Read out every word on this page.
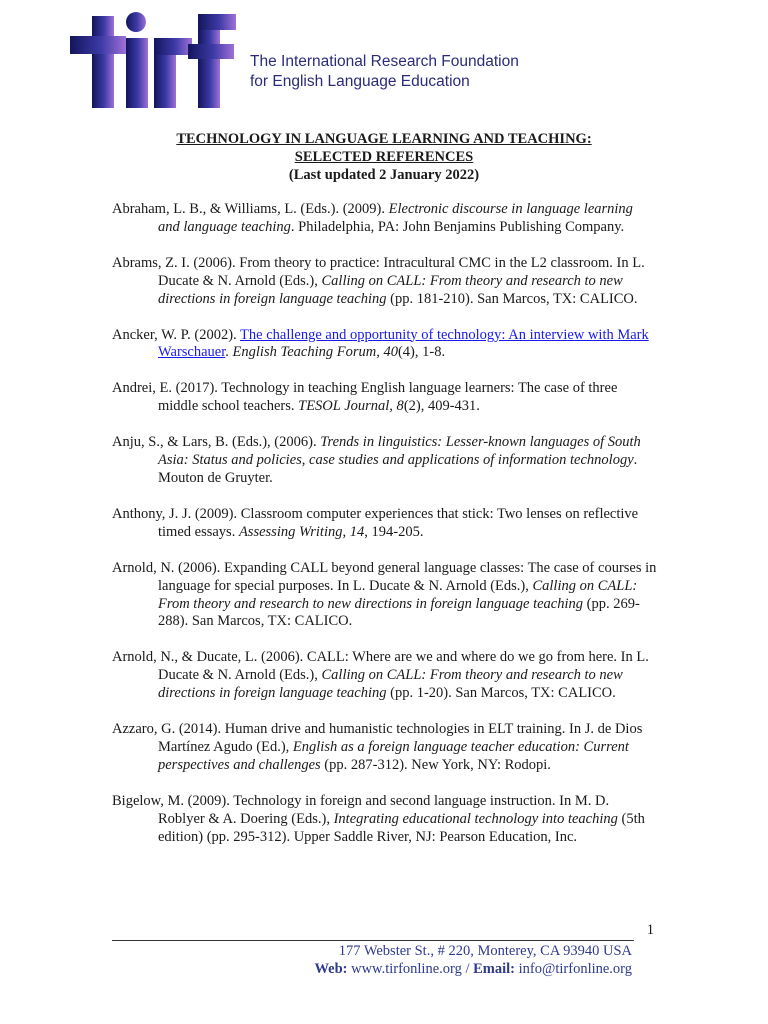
The International Research Foundation
for English Language Education
TECHNOLOGY IN LANGUAGE LEARNING AND TEACHING:
SELECTED REFERENCES
(Last updated 2 January 2022)

Abraham, L. B., & Williams, L. (Eds.). (2009). Electronic discourse in language learning and language teaching. Philadelphia, PA: John Benjamins Publishing Company.

Abrams, Z. I. (2006). From theory to practice: Intracultural CMC in the L2 classroom. In L. Ducate & N. Arnold (Eds.), Calling on CALL: From theory and research to new directions in foreign language teaching (pp. 181-210). San Marcos, TX: CALICO.

Ancker, W. P. (2002). The challenge and opportunity of technology: An interview with Mark Warschauer. English Teaching Forum, 40(4), 1-8.

Andrei, E. (2017). Technology in teaching English language learners: The case of three middle school teachers. TESOL Journal, 8(2), 409-431.

Anju, S., & Lars, B. (Eds.), (2006). Trends in linguistics: Lesser-known languages of South Asia: Status and policies, case studies and applications of information technology. Mouton de Gruyter.

Anthony, J. J. (2009). Classroom computer experiences that stick: Two lenses on reflective timed essays. Assessing Writing, 14, 194-205.

Arnold, N. (2006). Expanding CALL beyond general language classes: The case of courses in language for special purposes. In L. Ducate & N. Arnold (Eds.), Calling on CALL: From theory and research to new directions in foreign language teaching (pp. 269-288). San Marcos, TX: CALICO.

Arnold, N., & Ducate, L. (2006). CALL: Where are we and where do we go from here. In L. Ducate & N. Arnold (Eds.), Calling on CALL: From theory and research to new directions in foreign language teaching (pp. 1-20). San Marcos, TX: CALICO.

Azzaro, G. (2014). Human drive and humanistic technologies in ELT training. In J. de Dios Martínez Agudo (Ed.), English as a foreign language teacher education: Current perspectives and challenges (pp. 287-312). New York, NY: Rodopi.

Bigelow, M. (2009). Technology in foreign and second language instruction. In M. D. Roblyer & A. Doering (Eds.), Integrating educational technology into teaching (5th edition) (pp. 295-312). Upper Saddle River, NJ: Pearson Education, Inc.

1
177 Webster St., # 220, Monterey, CA 93940 USA
Web: www.tirfonline.org / Email: info@tirfonline.org
